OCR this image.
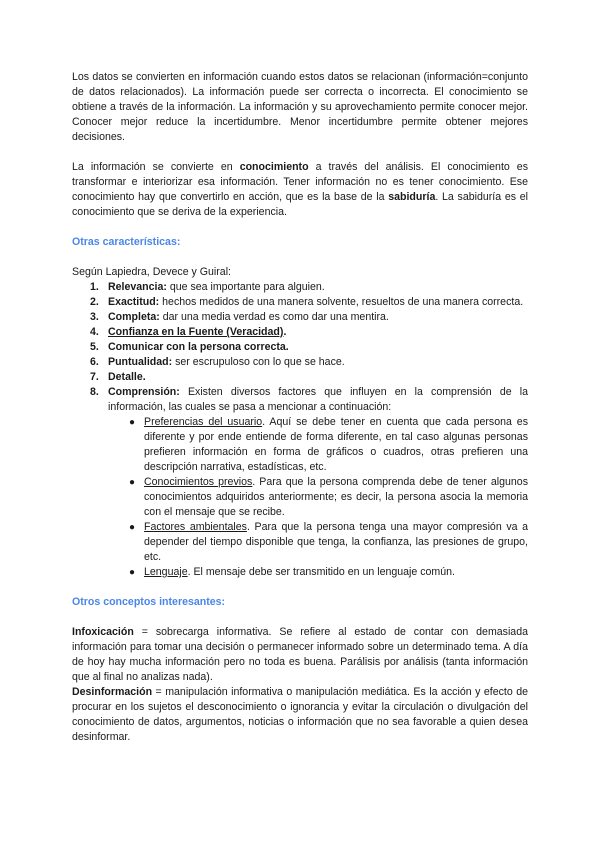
Los datos se convierten en información cuando estos datos se relacionan (información=conjunto de datos relacionados). La información puede ser correcta o incorrecta. El conocimiento se obtiene a través de la información. La información y su aprovechamiento permite conocer mejor. Conocer mejor reduce la incertidumbre. Menor incertidumbre permite obtener mejores decisiones.

La información se convierte en conocimiento a través del análisis. El conocimiento es transformar e interiorizar esa información. Tener información no es tener conocimiento. Ese conocimiento hay que convertirlo en acción, que es la base de la sabiduría. La sabiduría es el conocimiento que se deriva de la experiencia.

Otras características:

Según Lapiedra, Devece y Guiral:

1. Relevancia: que sea importante para alguien.
2. Exactitud: hechos medidos de una manera solvente, resueltos de una manera correcta.
3. Completa: dar una media verdad es como dar una mentira.
4. Confianza en la Fuente (Veracidad).
5. Comunicar con la persona correcta.
6. Puntualidad: ser escrupuloso con lo que se hace.
7. Detalle.
8. Comprensión: Existen diversos factores que influyen en la comprensión de la información, las cuales se pasa a mencionar a continuación:
● Preferencias del usuario. Aquí se debe tener en cuenta que cada persona es diferente y por ende entiende de forma diferente, en tal caso algunas personas prefieren información en forma de gráficos o cuadros, otras prefieren una descripción narrativa, estadísticas, etc.
● Conocimientos previos. Para que la persona comprenda debe de tener algunos conocimientos adquiridos anteriormente; es decir, la persona asocia la memoria con el mensaje que se recibe.
● Factores ambientales. Para que la persona tenga una mayor compresión va a depender del tiempo disponible que tenga, la confianza, las presiones de grupo, etc.
● Lenguaje. El mensaje debe ser transmitido en un lenguaje común.

Otros conceptos interesantes:

Infoxicación = sobrecarga informativa. Se refiere al estado de contar con demasiada información para tomar una decisión o permanecer informado sobre un determinado tema. A día de hoy hay mucha información pero no toda es buena. Parálisis por análisis (tanta información que al final no analizas nada).

Desinformación = manipulación informativa o manipulación mediática. Es la acción y efecto de procurar en los sujetos el desconocimiento o ignorancia y evitar la circulación o divulgación del conocimiento de datos, argumentos, noticias o información que no sea favorable a quien desea desinformar.
